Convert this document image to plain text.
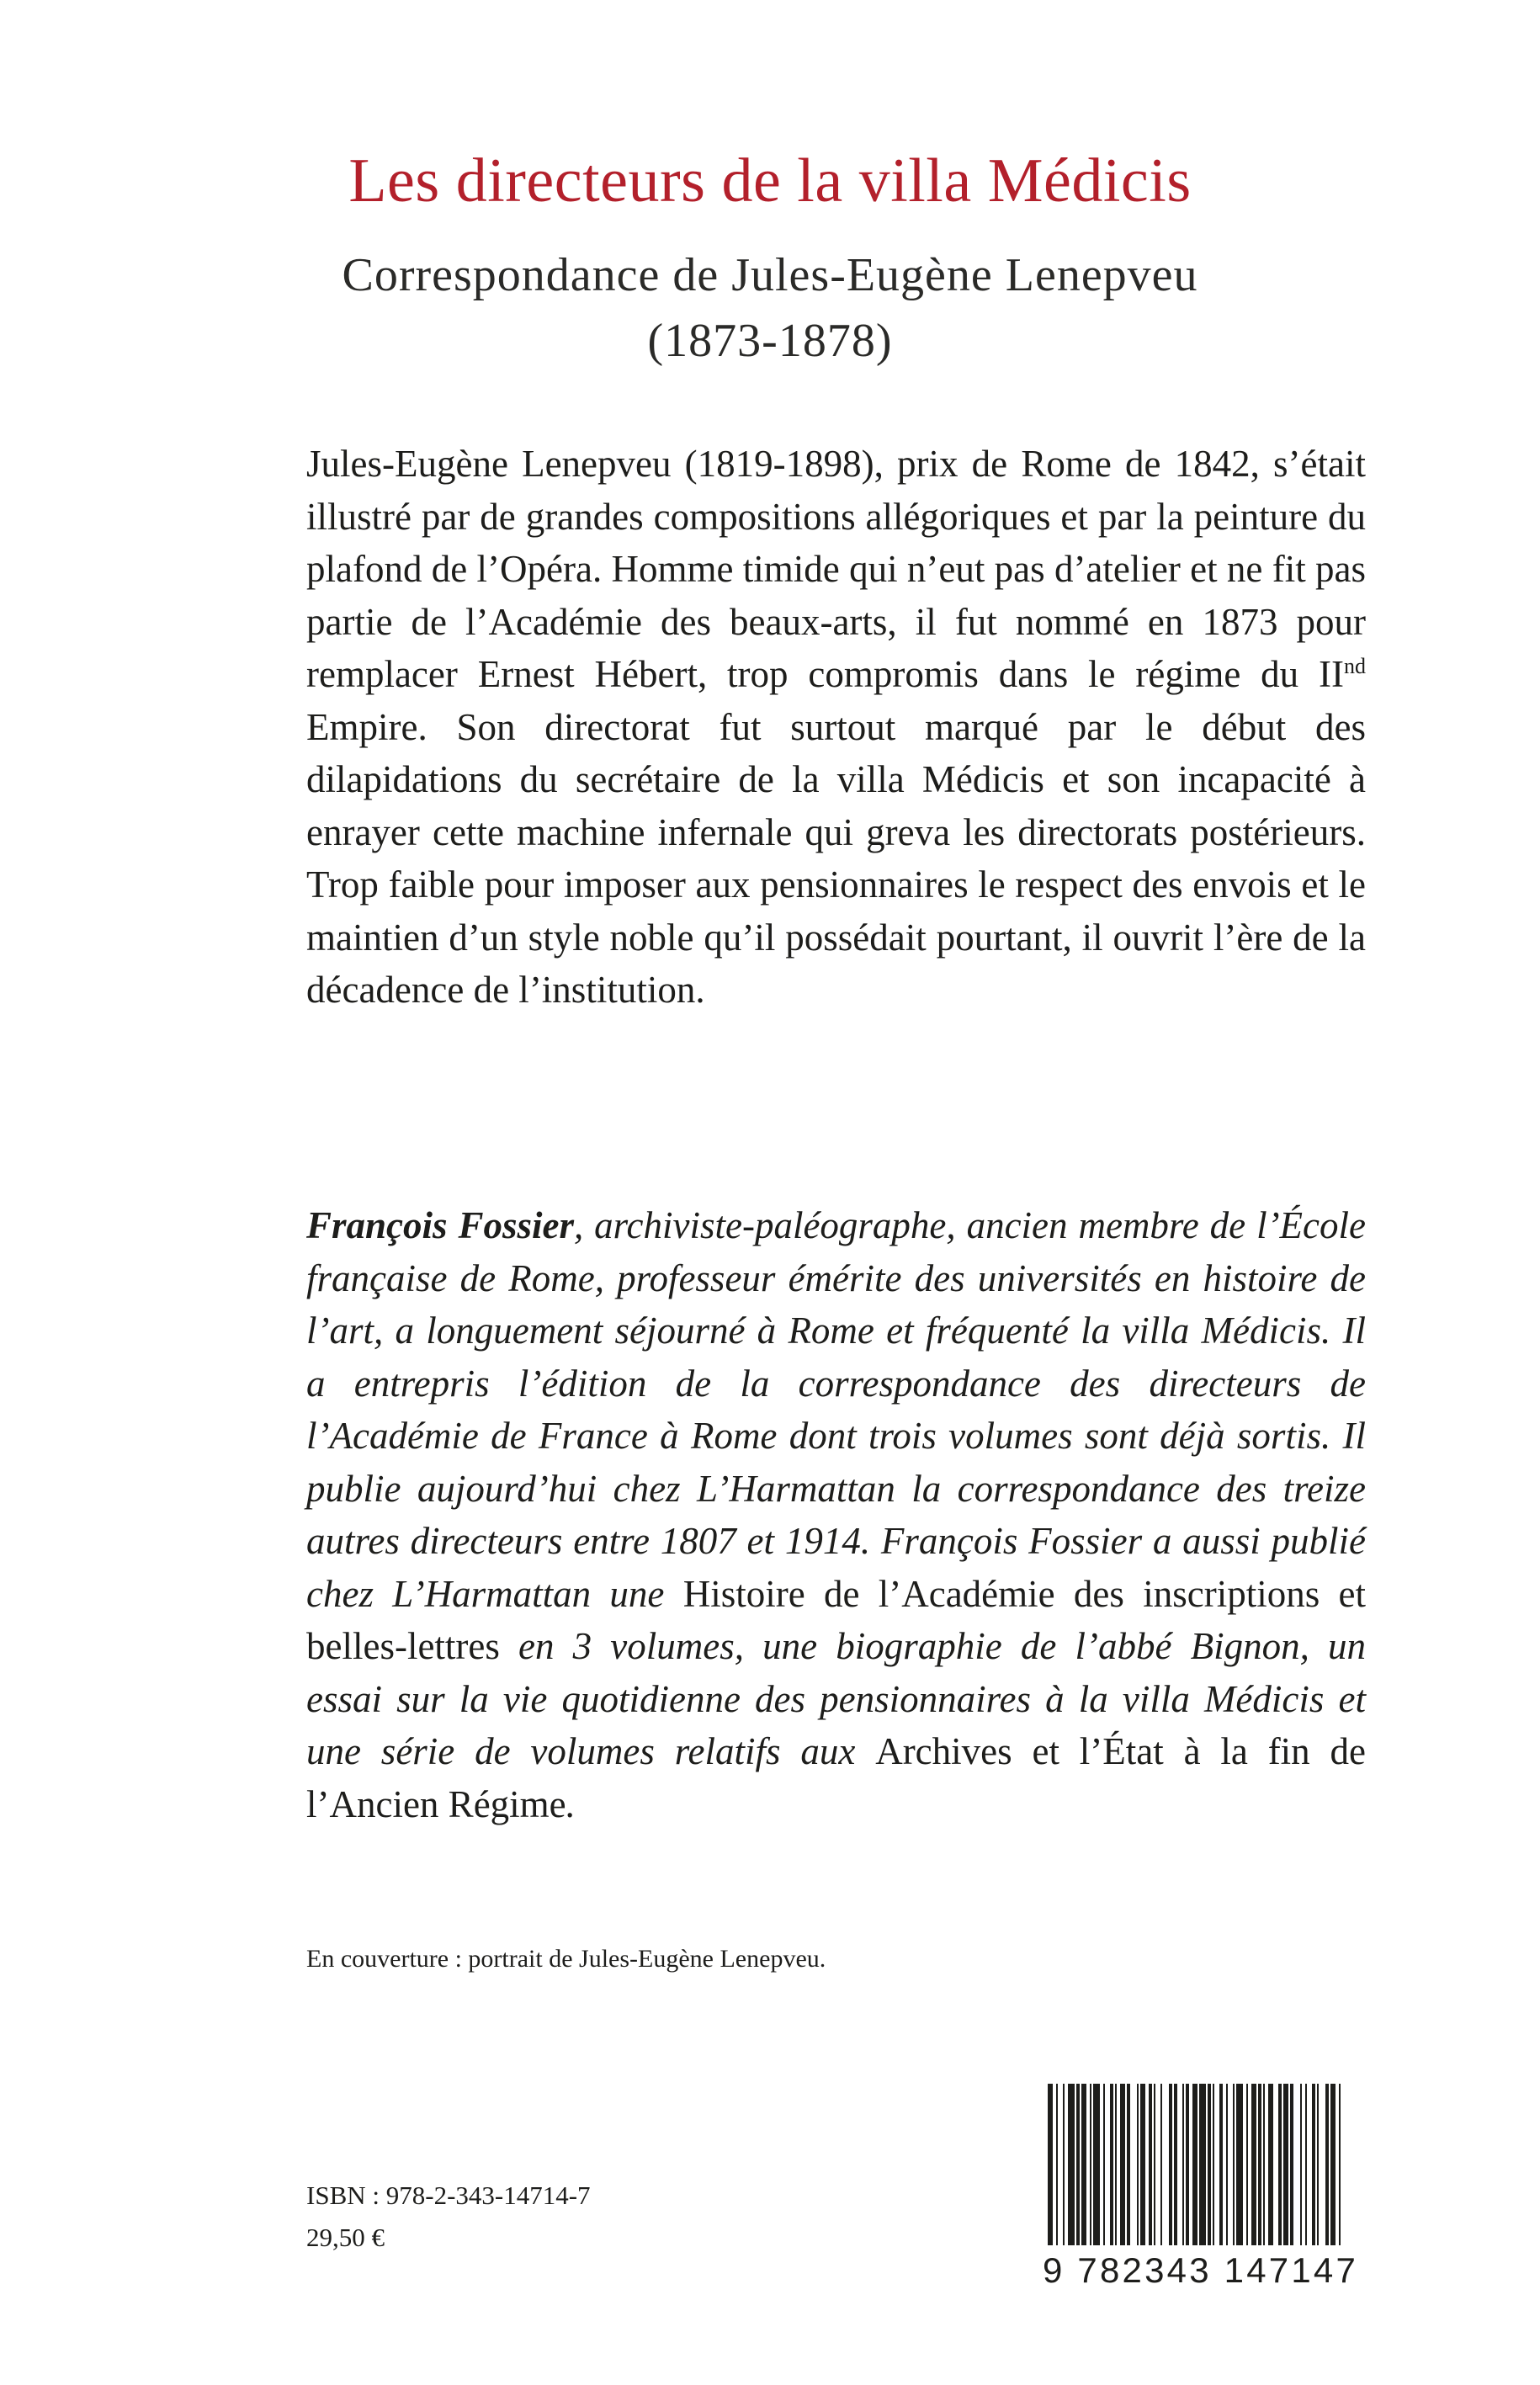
Les directeurs de la villa Médicis
Correspondance de Jules-Eugène Lenepveu
(1873-1878)

Jules-Eugène Lenepveu (1819-1898), prix de Rome de 1842, s’était illustré par de grandes compositions allégoriques et par la peinture du plafond de l’Opéra. Homme timide qui n’eut pas d’atelier et ne fit pas partie de l’Académie des beaux-arts, il fut nommé en 1873 pour remplacer Ernest Hébert, trop compromis dans le régime du IInd Empire. Son directorat fut surtout marqué par le début des dilapidations du secrétaire de la villa Médicis et son incapacité à enrayer cette machine infernale qui greva les directorats postérieurs. Trop faible pour imposer aux pensionnaires le respect des envois et le maintien d’un style noble qu’il possédait pourtant, il ouvrit l’ère de la décadence de l’institution.

François Fossier, archiviste-paléographe, ancien membre de l’École française de Rome, professeur émérite des universités en histoire de l’art, a longuement séjourné à Rome et fréquenté la villa Médicis. Il a entrepris l’édition de la correspondance des directeurs de l’Académie de France à Rome dont trois volumes sont déjà sortis. Il publie aujourd’hui chez L’Harmattan la correspondance des treize autres directeurs entre 1807 et 1914. François Fossier a aussi publié chez L’Harmattan une Histoire de l’Académie des inscriptions et belles-lettres en 3 volumes, une biographie de l’abbé Bignon, un essai sur la vie quotidienne des pensionnaires à la villa Médicis et une série de volumes relatifs aux Archives et l’État à la fin de l’Ancien Régime.

En couverture : portrait de Jules-Eugène Lenepveu.

ISBN : 978-2-343-14714-7

29,50 €

9 782343 147147
